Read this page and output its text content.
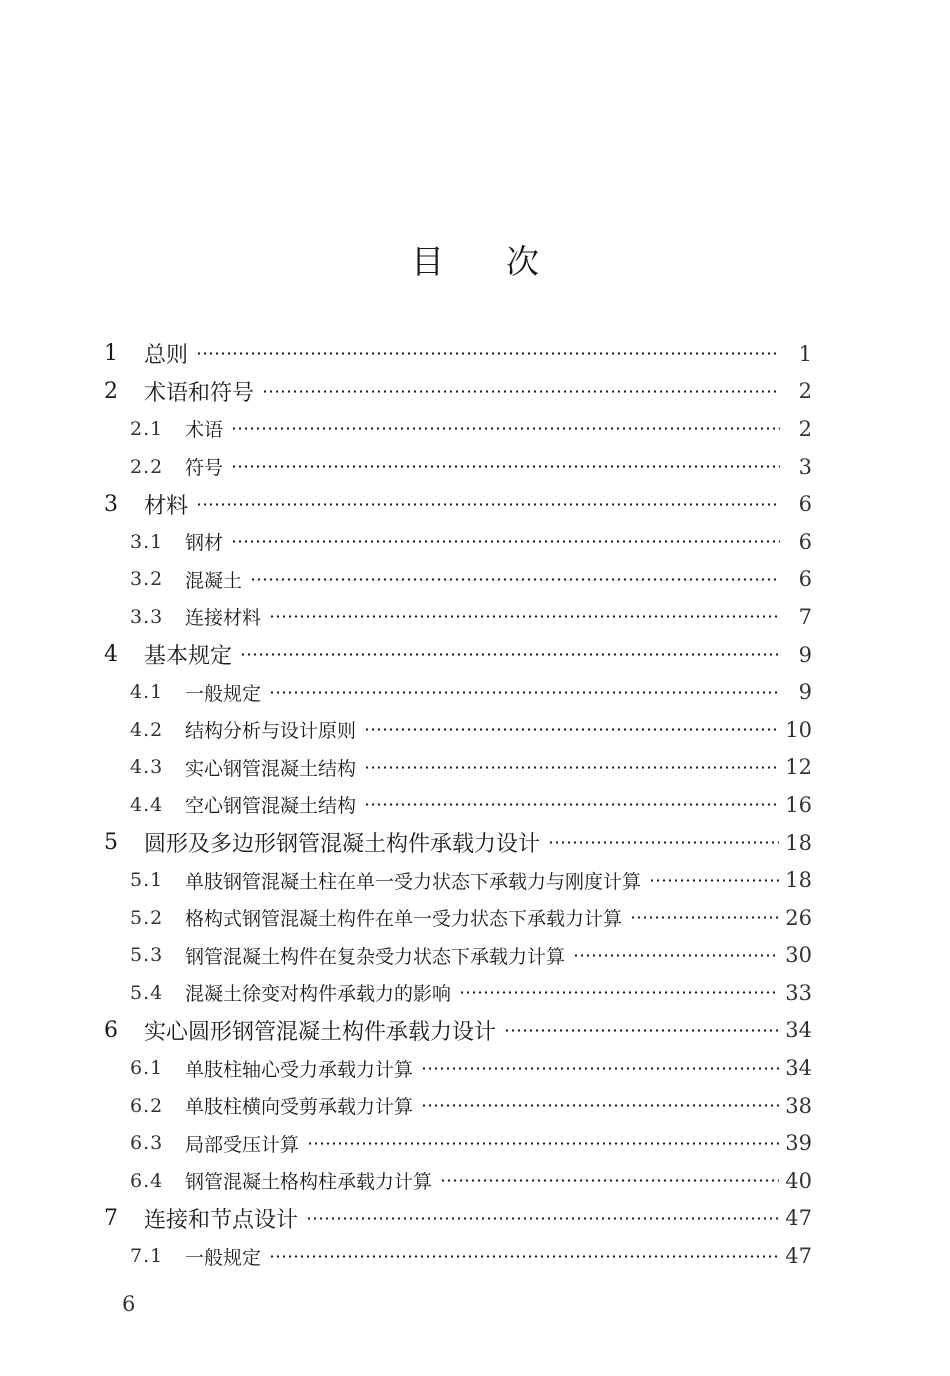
目 次
1	总则	1
2	术语和符号	2
2.1	术语	2
2.2	符号	3
3	材料	6
3.1	钢材	6
3.2	混凝土	6
3.3	连接材料	7
4	基本规定	9
4.1	一般规定	9
4.2	结构分析与设计原则	10
4.3	实心钢管混凝土结构	12
4.4	空心钢管混凝土结构	16
5	圆形及多边形钢管混凝土构件承载力设计	18
5.1	单肢钢管混凝土柱在单一受力状态下承载力与刚度计算	18
5.2	格构式钢管混凝土构件在单一受力状态下承载力计算	26
5.3	钢管混凝土构件在复杂受力状态下承载力计算	30
5.4	混凝土徐变对构件承载力的影响	33
6	实心圆形钢管混凝土构件承载力设计	34
6.1	单肢柱轴心受力承载力计算	34
6.2	单肢柱横向受剪承载力计算	38
6.3	局部受压计算	39
6.4	钢管混凝土格构柱承载力计算	40
7	连接和节点设计	47
7.1	一般规定	47
6
